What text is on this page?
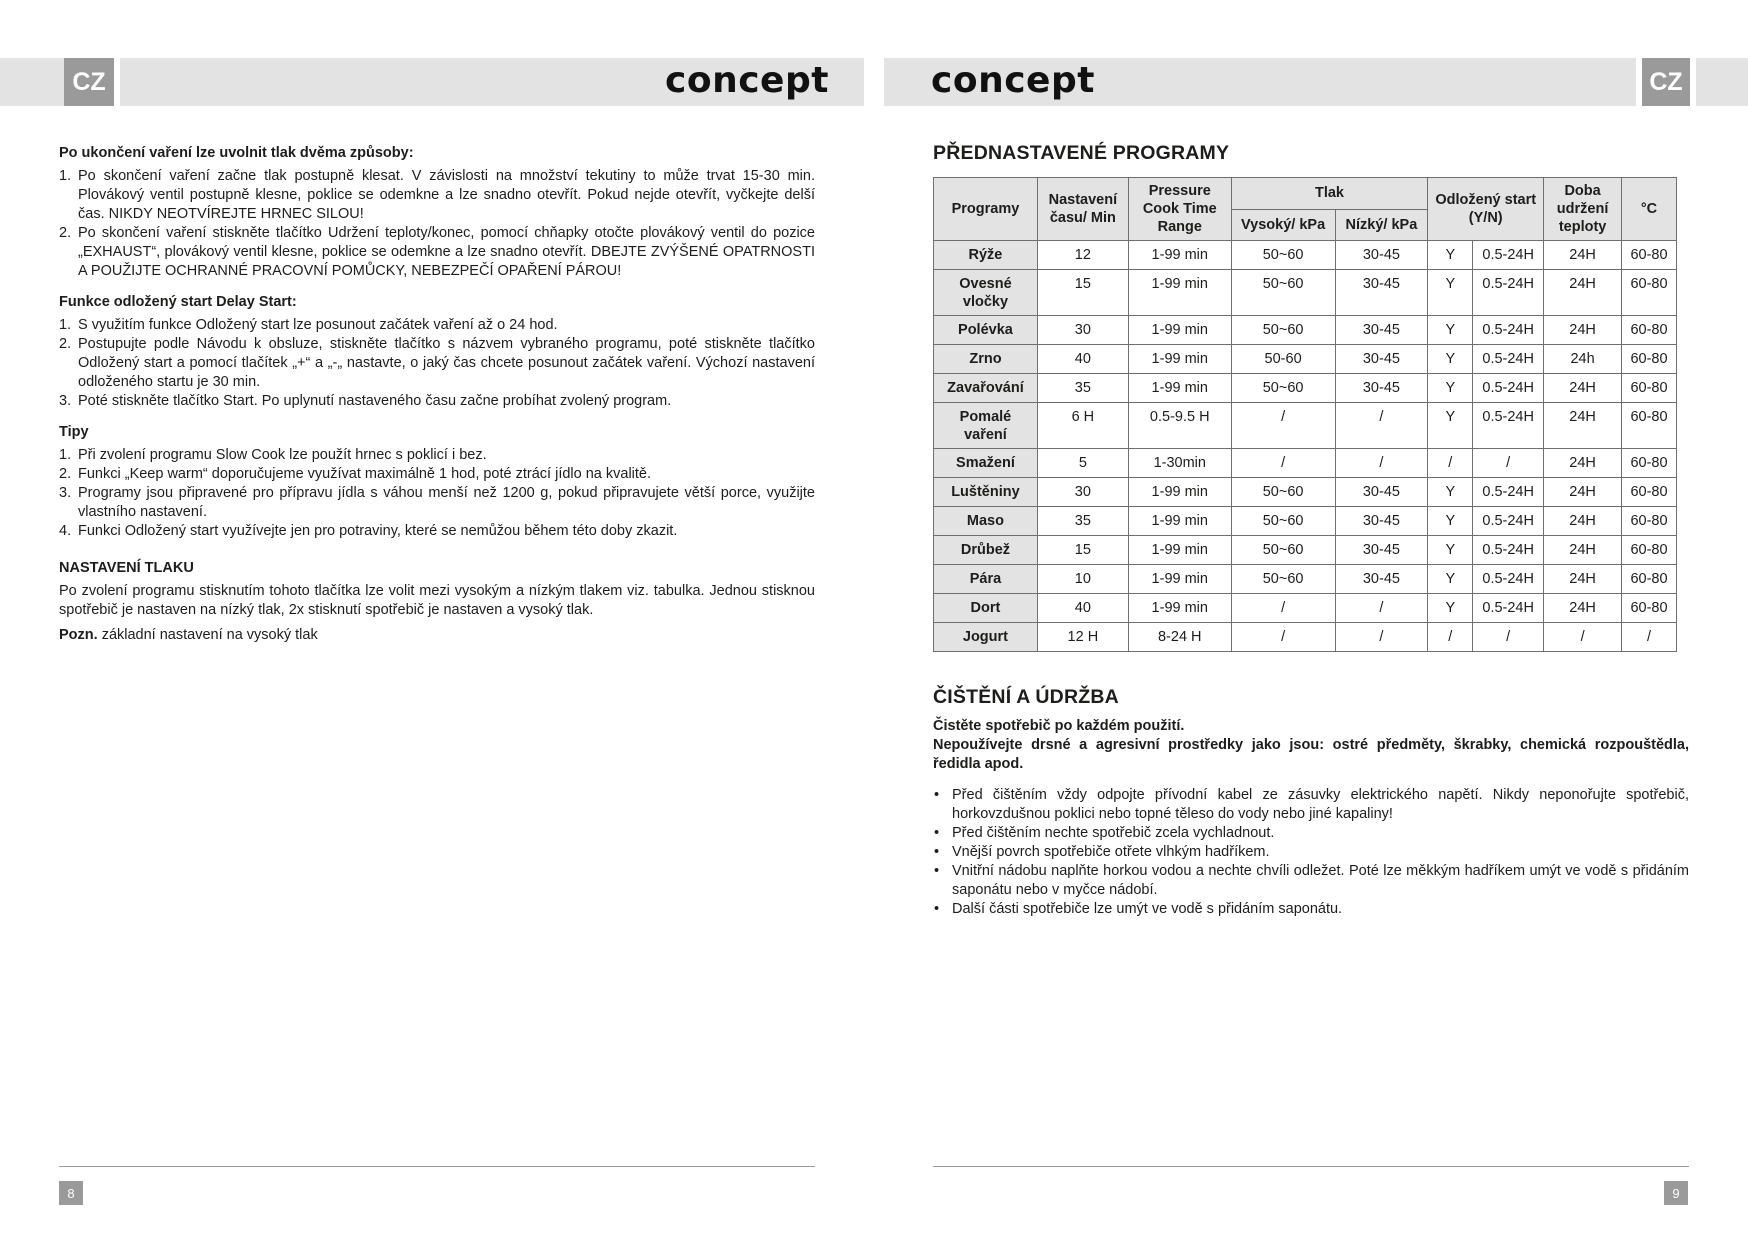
CZ	CZ
concept	concept
Po ukončení vaření lze uvolnit tlak dvěma způsoby:
1. Po skončení vaření začne tlak postupně klesat. V závislosti na množství tekutiny to může trvat 15-30 min. Plovákový ventil postupně klesne, poklice se odemkne a lze snadno otevřít. Pokud nejde otevřít, vyčkejte delší čas. NIKDY NEOTVÍREJTE HRNEC SILOU!
2. Po skončení vaření stiskněte tlačítko Udržení teploty/konec, pomocí chňapky otočte plovákový ventil do pozice „EXHAUST“, plovákový ventil klesne, poklice se odemkne a lze snadno otevřít. DBEJTE ZVÝŠENÉ OPATRNOSTI A POUŽIJTE OCHRANNÉ PRACOVNÍ POMŮCKY, NEBEZPEČÍ OPAŘENÍ PÁROU!
Funkce odložený start Delay Start:
1. S využitím funkce Odložený start lze posunout začátek vaření až o 24 hod.
2. Postupujte podle Návodu k obsluze, stiskněte tlačítko s názvem vybraného programu, poté stiskněte tlačítko Odložený start a pomocí tlačítek „+“ a „-„ nastavte, o jaký čas chcete posunout začátek vaření. Výchozí nastavení odloženého startu je 30 min.
3. Poté stiskněte tlačítko Start. Po uplynutí nastaveného času začne probíhat zvolený program.
Tipy
1. Při zvolení programu Slow Cook lze použít hrnec s poklicí i bez.
2. Funkci „Keep warm“ doporučujeme využívat maximálně 1 hod, poté ztrácí jídlo na kvalitě.
3. Programy jsou připravené pro přípravu jídla s váhou menší než 1200 g, pokud připravujete větší porce, využijte vlastního nastavení.
4. Funkci Odložený start využívejte jen pro potraviny, které se nemůžou během této doby zkazit.
NASTAVENÍ TLAKU

Po zvolení programu stisknutím tohoto tlačítka lze volit mezi vysokým a nízkým tlakem viz. tabulka. Jednou stisknou spotřebič je nastaven na nízký tlak, 2x stisknutí spotřebič je nastaven a vysoký tlak.

Pozn. základní nastavení na vysoký tlak

PŘEDNASTAVENÉ PROGRAMY
Programy	Nastavení času/ Min	Pressure Cook Time Range	Tlak		Odložený start (Y/N)		Doba udržení teploty	°C
			Vysoký/ kPa	Nízký/ kPa				
Rýže	12	1-99 min	50~60	30-45	Y	0.5-24H	24H	60-80
Ovesné vločky	15	1-99 min	50~60	30-45	Y	0.5-24H	24H	60-80
Polévka	30	1-99 min	50~60	30-45	Y	0.5-24H	24H	60-80
Zrno	40	1-99 min	50-60	30-45	Y	0.5-24H	24h	60-80
Zavařování	35	1-99 min	50~60	30-45	Y	0.5-24H	24H	60-80
Pomalé vaření	6 H	0.5-9.5 H	/	/	Y	0.5-24H	24H	60-80
Smažení	5	1-30min	/	/	/	/	24H	60-80
Luštěniny	30	1-99 min	50~60	30-45	Y	0.5-24H	24H	60-80
Maso	35	1-99 min	50~60	30-45	Y	0.5-24H	24H	60-80
Drůbež	15	1-99 min	50~60	30-45	Y	0.5-24H	24H	60-80
Pára	10	1-99 min	50~60	30-45	Y	0.5-24H	24H	60-80
Dort	40	1-99 min	/	/	Y	0.5-24H	24H	60-80
Jogurt	12 H	8-24 H	/	/	/	/	/	/
ČIŠTĚNÍ A ÚDRŽBA

Čistěte spotřebič po každém použití.

Nepoužívejte drsné a agresivní prostředky jako jsou: ostré předměty, škrabky, chemická rozpouštědla, ředidla apod.

• Před čištěním vždy odpojte přívodní kabel ze zásuvky elektrického napětí. Nikdy neponořujte spotřebič, horkovzdušnou poklici nebo topné těleso do vody nebo jiné kapaliny!
• Před čištěním nechte spotřebič zcela vychladnout.
• Vnější povrch spotřebiče otřete vlhkým hadříkem.
• Vnitřní nádobu naplňte horkou vodou a nechte chvíli odležet. Poté lze měkkým hadříkem umýt ve vodě s přidáním saponátu nebo v myčce nádobí.
• Další části spotřebiče lze umýt ve vodě s přidáním saponátu.
8	9
